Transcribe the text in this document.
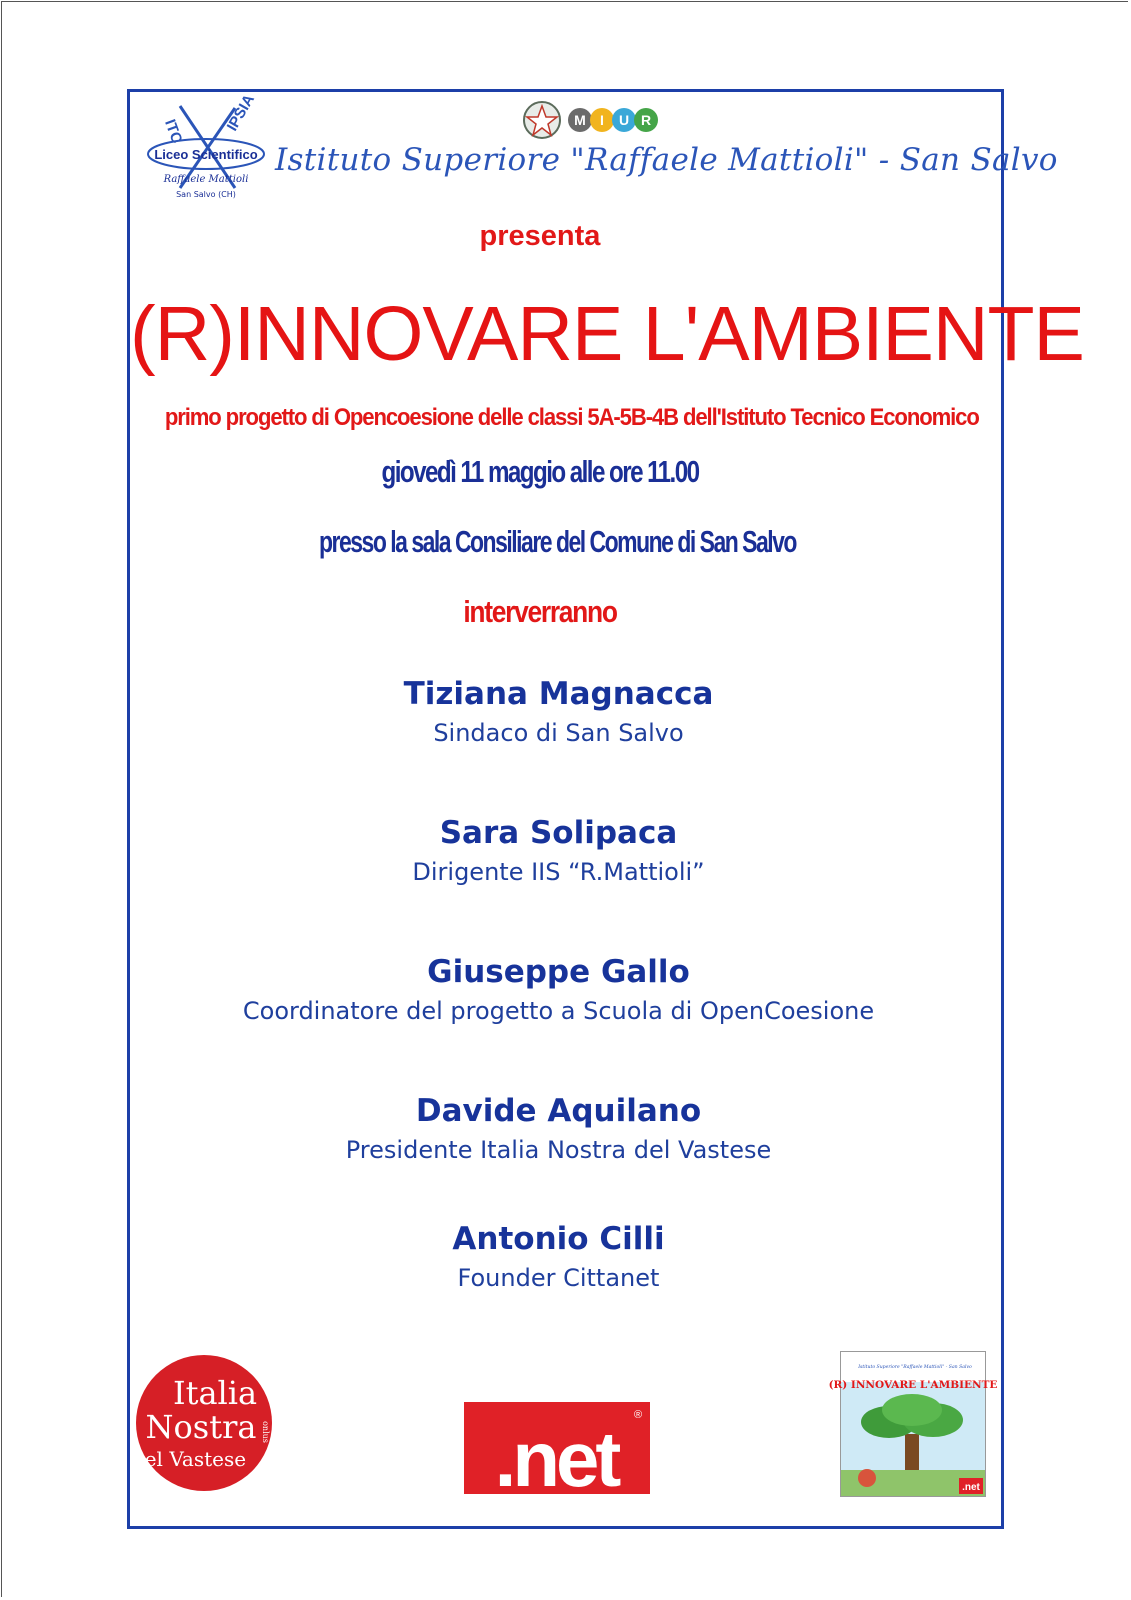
ITC	IPSIA
Liceo Scientifico
Raffaele Mattioli
San Salvo (CH)
M I U R
Istituto Superiore "Raffaele Mattioli" - San Salvo
presenta
(R)INNOVARE L'AMBIENTE
primo progetto di Opencoesione delle classi 5A-5B-4B dell'Istituto Tecnico Economico
giovedì 11 maggio alle ore 11.00
presso la sala Consiliare del Comune di San Salvo
interverranno
Tiziana Magnacca
Sindaco di San Salvo
Sara Solipaca
Dirigente IIS “R.Mattioli”
Giuseppe Gallo
Coordinatore del progetto a Scuola di OpenCoesione
Davide Aquilano
Presidente Italia Nostra del Vastese
Antonio Cilli
Founder Cittanet
Italia
Nostra onlus
del Vastese	.net	®
Istituto Superiore "Raffaele Mattioli" - San Salvo
(R) INNOVARE L'AMBIENTE
.net
